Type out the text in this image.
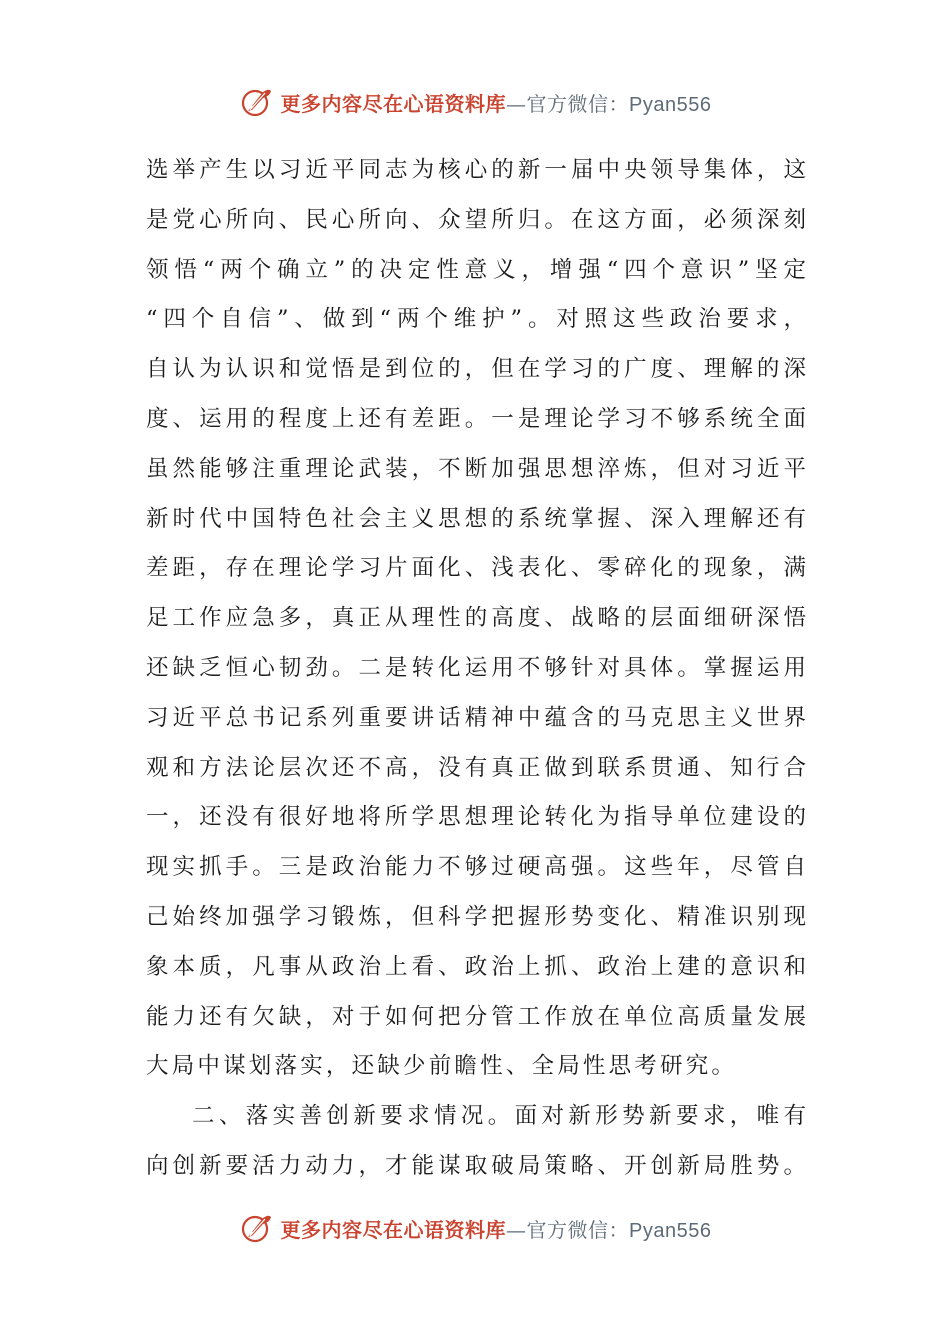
更多内容尽在心语资料库—官方微信：Pyan556
选举产生以习近平同志为核心的新一届中央领导集体，这
是党心所向、民心所向、众望所归。在这方面，必须深刻
领悟“两个确立”的决定性意义，增强“四个意识”坚定
“四个自信”、做到“两个维护”。对照这些政治要求，
自认为认识和觉悟是到位的，但在学习的广度、理解的深
度、运用的程度上还有差距。一是理论学习不够系统全面
虽然能够注重理论武装，不断加强思想淬炼，但对习近平
新时代中国特色社会主义思想的系统掌握、深入理解还有
差距，存在理论学习片面化、浅表化、零碎化的现象，满
足工作应急多，真正从理性的高度、战略的层面细研深悟
还缺乏恒心韧劲。二是转化运用不够针对具体。掌握运用
习近平总书记系列重要讲话精神中蕴含的马克思主义世界
观和方法论层次还不高，没有真正做到联系贯通、知行合
一，还没有很好地将所学思想理论转化为指导单位建设的
现实抓手。三是政治能力不够过硬高强。这些年，尽管自
己始终加强学习锻炼，但科学把握形势变化、精准识别现
象本质，凡事从政治上看、政治上抓、政治上建的意识和
能力还有欠缺，对于如何把分管工作放在单位高质量发展
大局中谋划落实，还缺少前瞻性、全局性思考研究。
二、落实善创新要求情况。面对新形势新要求，唯有
向创新要活力动力，才能谋取破局策略、开创新局胜势。
更多内容尽在心语资料库—官方微信：Pyan556
